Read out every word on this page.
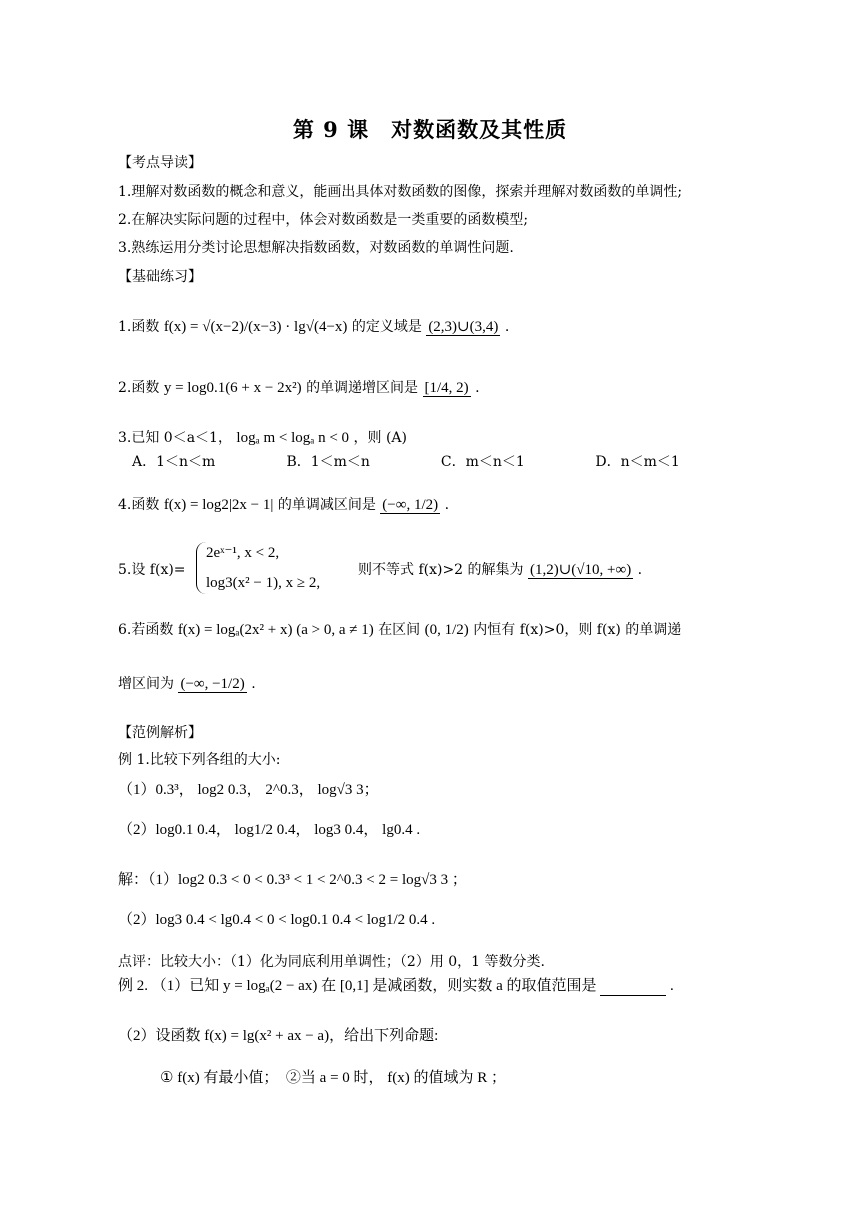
第 9 课　对数函数及其性质
【考点导读】
1.理解对数函数的概念和意义，能画出具体对数函数的图像，探索并理解对数函数的单调性;
2.在解决实际问题的过程中，体会对数函数是一类重要的函数模型;
3.熟练运用分类讨论思想解决指数函数，对数函数的单调性问题.
【基础练习】
1.函数 f(x) = √(x−2)/(x−3) · lg√(4−x) 的定义域是 (2,3)∪(3,4) .
2.函数 y = log0.1(6 + x − 2x²) 的单调递增区间是 [1/4, 2) .
3.已知 0＜a＜1， logₐ m < logₐ n < 0 ，则 (A)
A．1＜n＜m	B．1＜m＜n	C．m＜n＜1	D．n＜m＜1
4.函数 f(x) = log2|2x − 1| 的单调减区间是 (−∞, 1/2) .
5.设 f(x)=
2eˣ⁻¹, x < 2,
log3(x² − 1), x ≥ 2,
则不等式 f(x)>2 的解集为 (1,2)∪(√10, +∞) .
6.若函数 f(x) = logₐ(2x² + x) (a > 0, a ≠ 1) 在区间 (0, 1/2) 内恒有 f(x)>0，则 f(x) 的单调递
增区间为 (−∞, −1/2) .
【范例解析】
例 1.比较下列各组的大小:
（1）0.3³， log2 0.3， 2^0.3， log√3 3；
（2）log0.1 0.4， log1/2 0.4， log3 0.4， lg0.4 .
解：（1）log2 0.3 < 0 < 0.3³ < 1 < 2^0.3 < 2 = log√3 3 ；
（2）log3 0.4 < lg0.4 < 0 < log0.1 0.4 < log1/2 0.4 .
点评：比较大小：（1）化为同底利用单调性；（2）用 0，1 等数分类.
例 2. （1）已知 y = logₐ(2 − ax) 在 [0,1] 是减函数，则实数 a 的取值范围是	.
（2）设函数 f(x) = lg(x² + ax − a)，给出下列命题:
① f(x) 有最小值；　②当 a = 0 时， f(x) 的值域为 R ；
